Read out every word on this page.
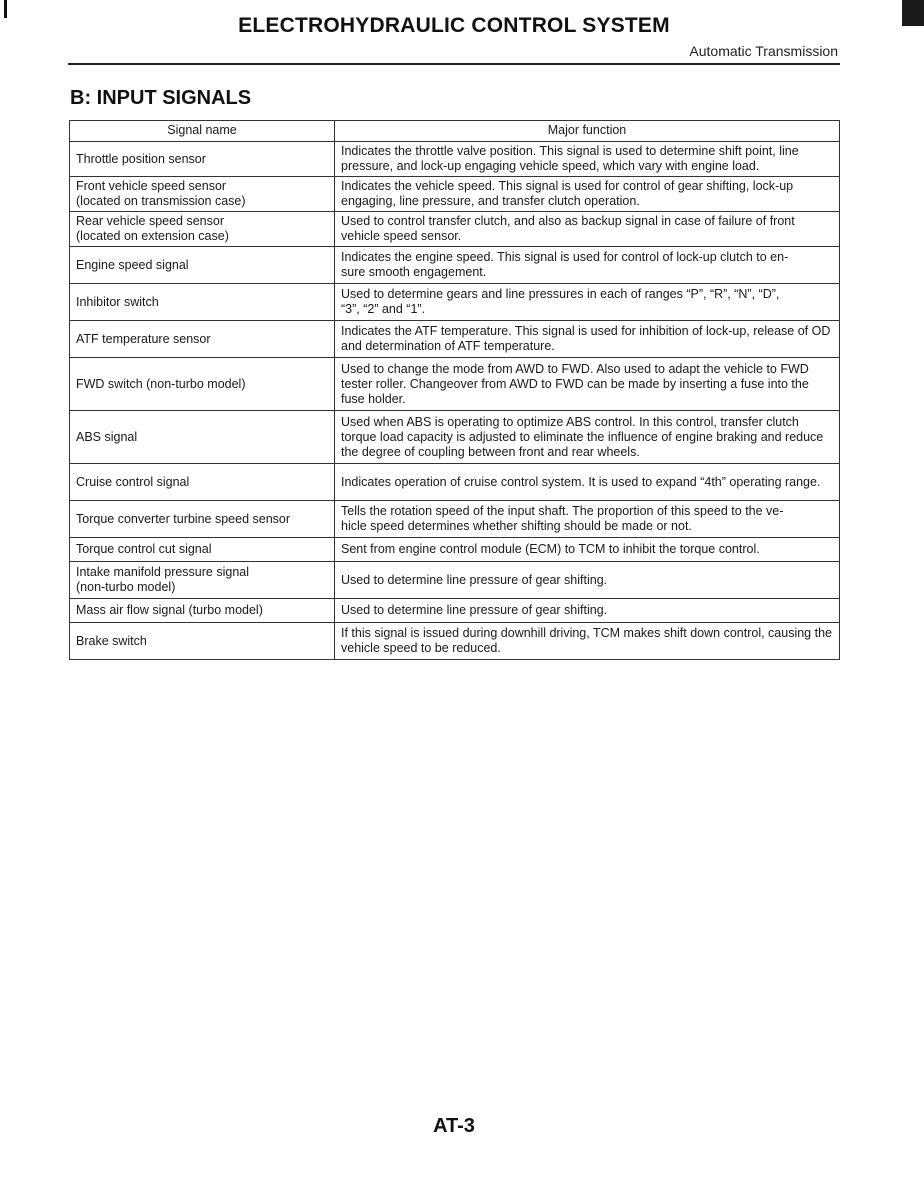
ELECTROHYDRAULIC CONTROL SYSTEM
Automatic Transmission
B: INPUT SIGNALS
Signal name	Major function
Throttle position sensor	Indicates the throttle valve position. This signal is used to determine shift point, line pressure, and lock-up engaging vehicle speed, which vary with engine load.
Front vehicle speed sensor
(located on transmission case)	Indicates the vehicle speed. This signal is used for control of gear shifting, lock-up engaging, line pressure, and transfer clutch operation.
Rear vehicle speed sensor
(located on extension case)	Used to control transfer clutch, and also as backup signal in case of failure of front vehicle speed sensor.
Engine speed signal	Indicates the engine speed. This signal is used for control of lock-up clutch to en-
sure smooth engagement.
Inhibitor switch	Used to determine gears and line pressures in each of ranges “P”, “R”, “N”, “D”,
“3”, “2” and “1”.
ATF temperature sensor	Indicates the ATF temperature. This signal is used for inhibition of lock-up, release of OD and determination of ATF temperature.
FWD switch (non-turbo model)	Used to change the mode from AWD to FWD. Also used to adapt the vehicle to FWD tester roller. Changeover from AWD to FWD can be made by inserting a fuse into the fuse holder.
ABS signal	Used when ABS is operating to optimize ABS control. In this control, transfer clutch torque load capacity is adjusted to eliminate the influence of engine braking and reduce the degree of coupling between front and rear wheels.
Cruise control signal	Indicates operation of cruise control system. It is used to expand “4th” operating range.
Torque converter turbine speed sensor	Tells the rotation speed of the input shaft. The proportion of this speed to the ve-
hicle speed determines whether shifting should be made or not.
Torque control cut signal	Sent from engine control module (ECM) to TCM to inhibit the torque control.
Intake manifold pressure signal
(non-turbo model)	Used to determine line pressure of gear shifting.
Mass air flow signal (turbo model)	Used to determine line pressure of gear shifting.
Brake switch	If this signal is issued during downhill driving, TCM makes shift down control, causing the vehicle speed to be reduced.
AT-3
